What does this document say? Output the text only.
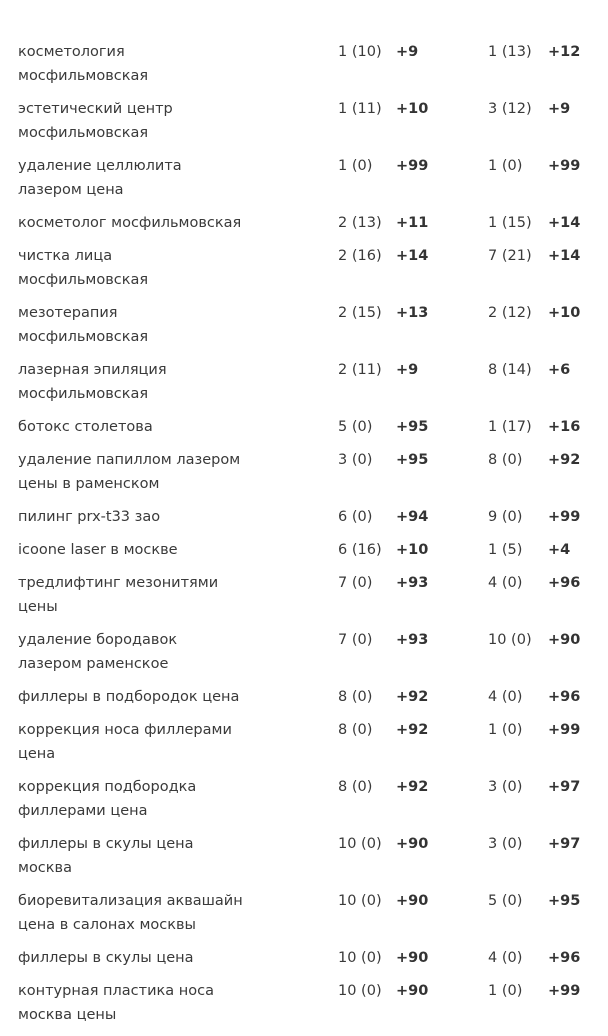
косметология мосфильмовская
1 (10) +9	1 (13) +12
эстетический центр мосфильмовская
1 (11) +10	3 (12) +9
удаление целлюлита лазером цена
1 (0) +99	1 (0) +99
косметолог мосфильмовская	2 (13) +11	1 (15) +14
чистка лица мосфильмовская
2 (16) +14	7 (21) +14
мезотерапия мосфильмовская
2 (15) +13	2 (12) +10
лазерная эпиляция мосфильмовская
2 (11) +9	8 (14) +6
ботокс столетова	5 (0) +95	1 (17) +16
удаление папиллом лазером цены в раменском
3 (0) +95	8 (0) +92
пилинг prx-t33 зао	6 (0) +94	9 (0) +99
icoone laser в москве	6 (16) +10	1 (5) +4
тредлифтинг мезонитями цены
7 (0) +93	4 (0) +96
удаление бородавок лазером раменское
7 (0) +93	10 (0) +90
филлеры в подбородок цена	8 (0) +92	4 (0) +96
коррекция носа филлерами цена
8 (0) +92	1 (0) +99
коррекция подбородка филлерами цена
8 (0) +92	3 (0) +97
филлеры в скулы цена москва
10 (0) +90	3 (0) +97
биоревитализация аквашайн цена в салонах москвы
10 (0) +90	5 (0) +95
филлеры в скулы цена	10 (0) +90	4 (0) +96
контурная пластика носа москва цены
10 (0) +90	1 (0) +99
